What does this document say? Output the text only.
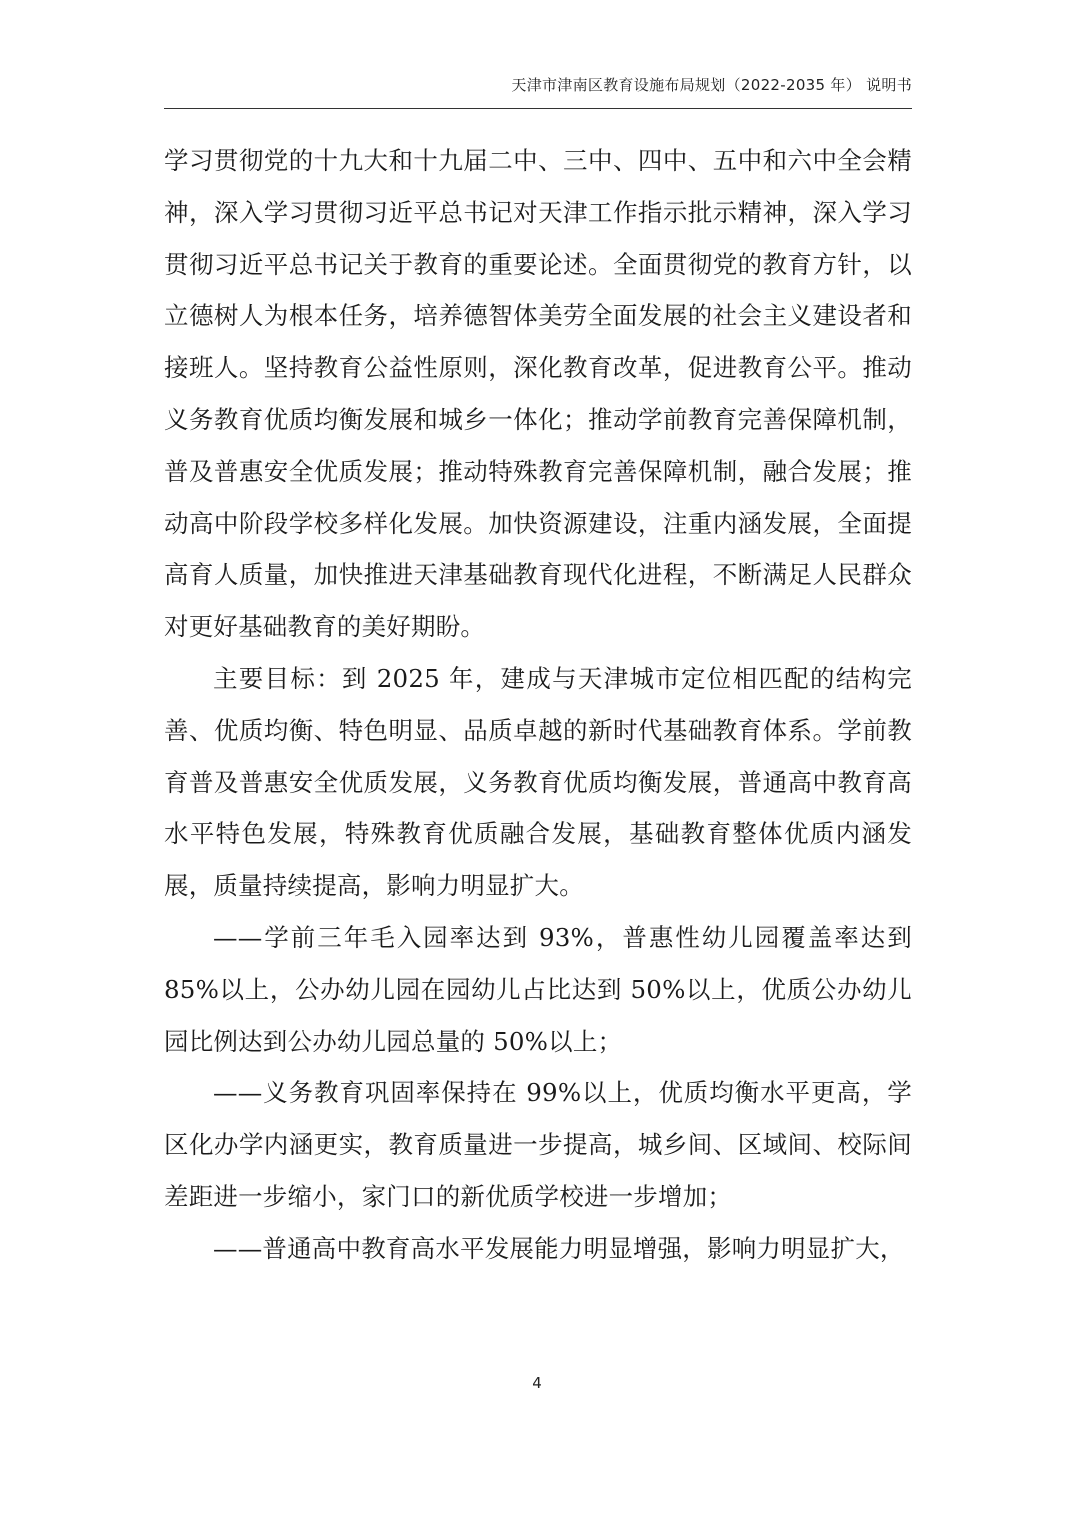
天津市津南区教育设施布局规划（2022-2035 年） 说明书

学习贯彻党的十九大和十九届二中、三中、四中、五中和六中全会精神，深入学习贯彻习近平总书记对天津工作指示批示精神，深入学习贯彻习近平总书记关于教育的重要论述。全面贯彻党的教育方针，以立德树人为根本任务，培养德智体美劳全面发展的社会主义建设者和接班人。坚持教育公益性原则，深化教育改革，促进教育公平。推动义务教育优质均衡发展和城乡一体化；推动学前教育完善保障机制，普及普惠安全优质发展；推动特殊教育完善保障机制，融合发展；推动高中阶段学校多样化发展。加快资源建设，注重内涵发展，全面提高育人质量，加快推进天津基础教育现代化进程，不断满足人民群众对更好基础教育的美好期盼。

主要目标：到 2025 年，建成与天津城市定位相匹配的结构完善、优质均衡、特色明显、品质卓越的新时代基础教育体系。学前教育普及普惠安全优质发展，义务教育优质均衡发展，普通高中教育高水平特色发展，特殊教育优质融合发展，基础教育整体优质内涵发展，质量持续提高，影响力明显扩大。

——学前三年毛入园率达到 93%，普惠性幼儿园覆盖率达到 85%以上，公办幼儿园在园幼儿占比达到 50%以上，优质公办幼儿园比例达到公办幼儿园总量的 50%以上；

——义务教育巩固率保持在 99%以上，优质均衡水平更高，学区化办学内涵更实，教育质量进一步提高，城乡间、区域间、校际间差距进一步缩小，家门口的新优质学校进一步增加；

——普通高中教育高水平发展能力明显增强，影响力明显扩大，

4
